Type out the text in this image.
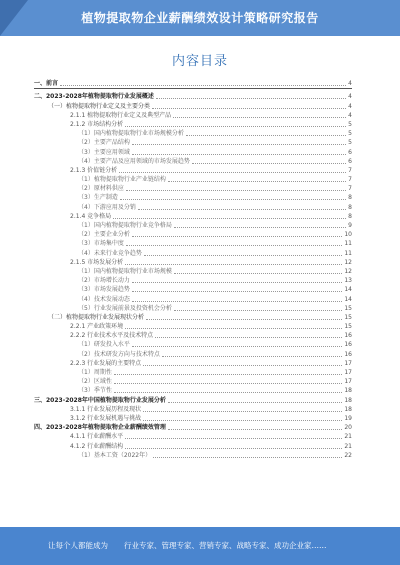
植物提取物企业薪酬绩效设计策略研究报告
内容目录
一、前言	4
二、2023-2028年植物提取物行业发展概述	4
（一）植物提取物行业定义及主要分类	4
2.1.1 植物提取物行业定义及典型产品	4
2.1.2 市场结构分析	5
（1）国内植物提取物行业市场规模分析	5
（2）主要产品结构	5
（3）主要应用领域	6
（4）主要产品及应用领域的市场发展趋势	6
2.1.3 价值链分析	7
（1）植物提取物行业产业链结构	7
（2）原材料供应	7
（3）生产制造	8
（4）下游应用及分销	8
2.1.4 竞争格局	8
（1）国内植物提取物行业竞争格局	9
（2）主要企业分析	10
（3）市场集中度	11
（4）未来行业竞争趋势	11
2.1.5 市场发展分析	12
（1）国内植物提取物行业市场规模	12
（2）市场增长动力	13
（3）市场发展趋势	14
（4）技术发展动态	14
（5）行业发展前景及投资机会分析	15
（二）植物提取物行业发展现状分析	15
2.2.1 产业政策环境	15
2.2.2 行业技术水平及技术特点	16
（1）研发投入水平	16
（2）技术研发方向与技术特点	16
2.2.3 行业发展的主要特点	17
（1）周期性	17
（2）区域性	17
（3）季节性	18
三、2023-2028年中国植物提取物行业发展分析	18
3.1.1 行业发展历程及现状	18
3.1.2 行业发展机遇与挑战	19
四、2023-2028年植物提取物企业薪酬绩效管理	20
4.1.1 行业薪酬水平	21
4.1.2 行业薪酬结构	21
（1）基本工资（2022年）	22
让每个人都能成为 行业专家、管理专家、营销专家、战略专家、成功企业家……
